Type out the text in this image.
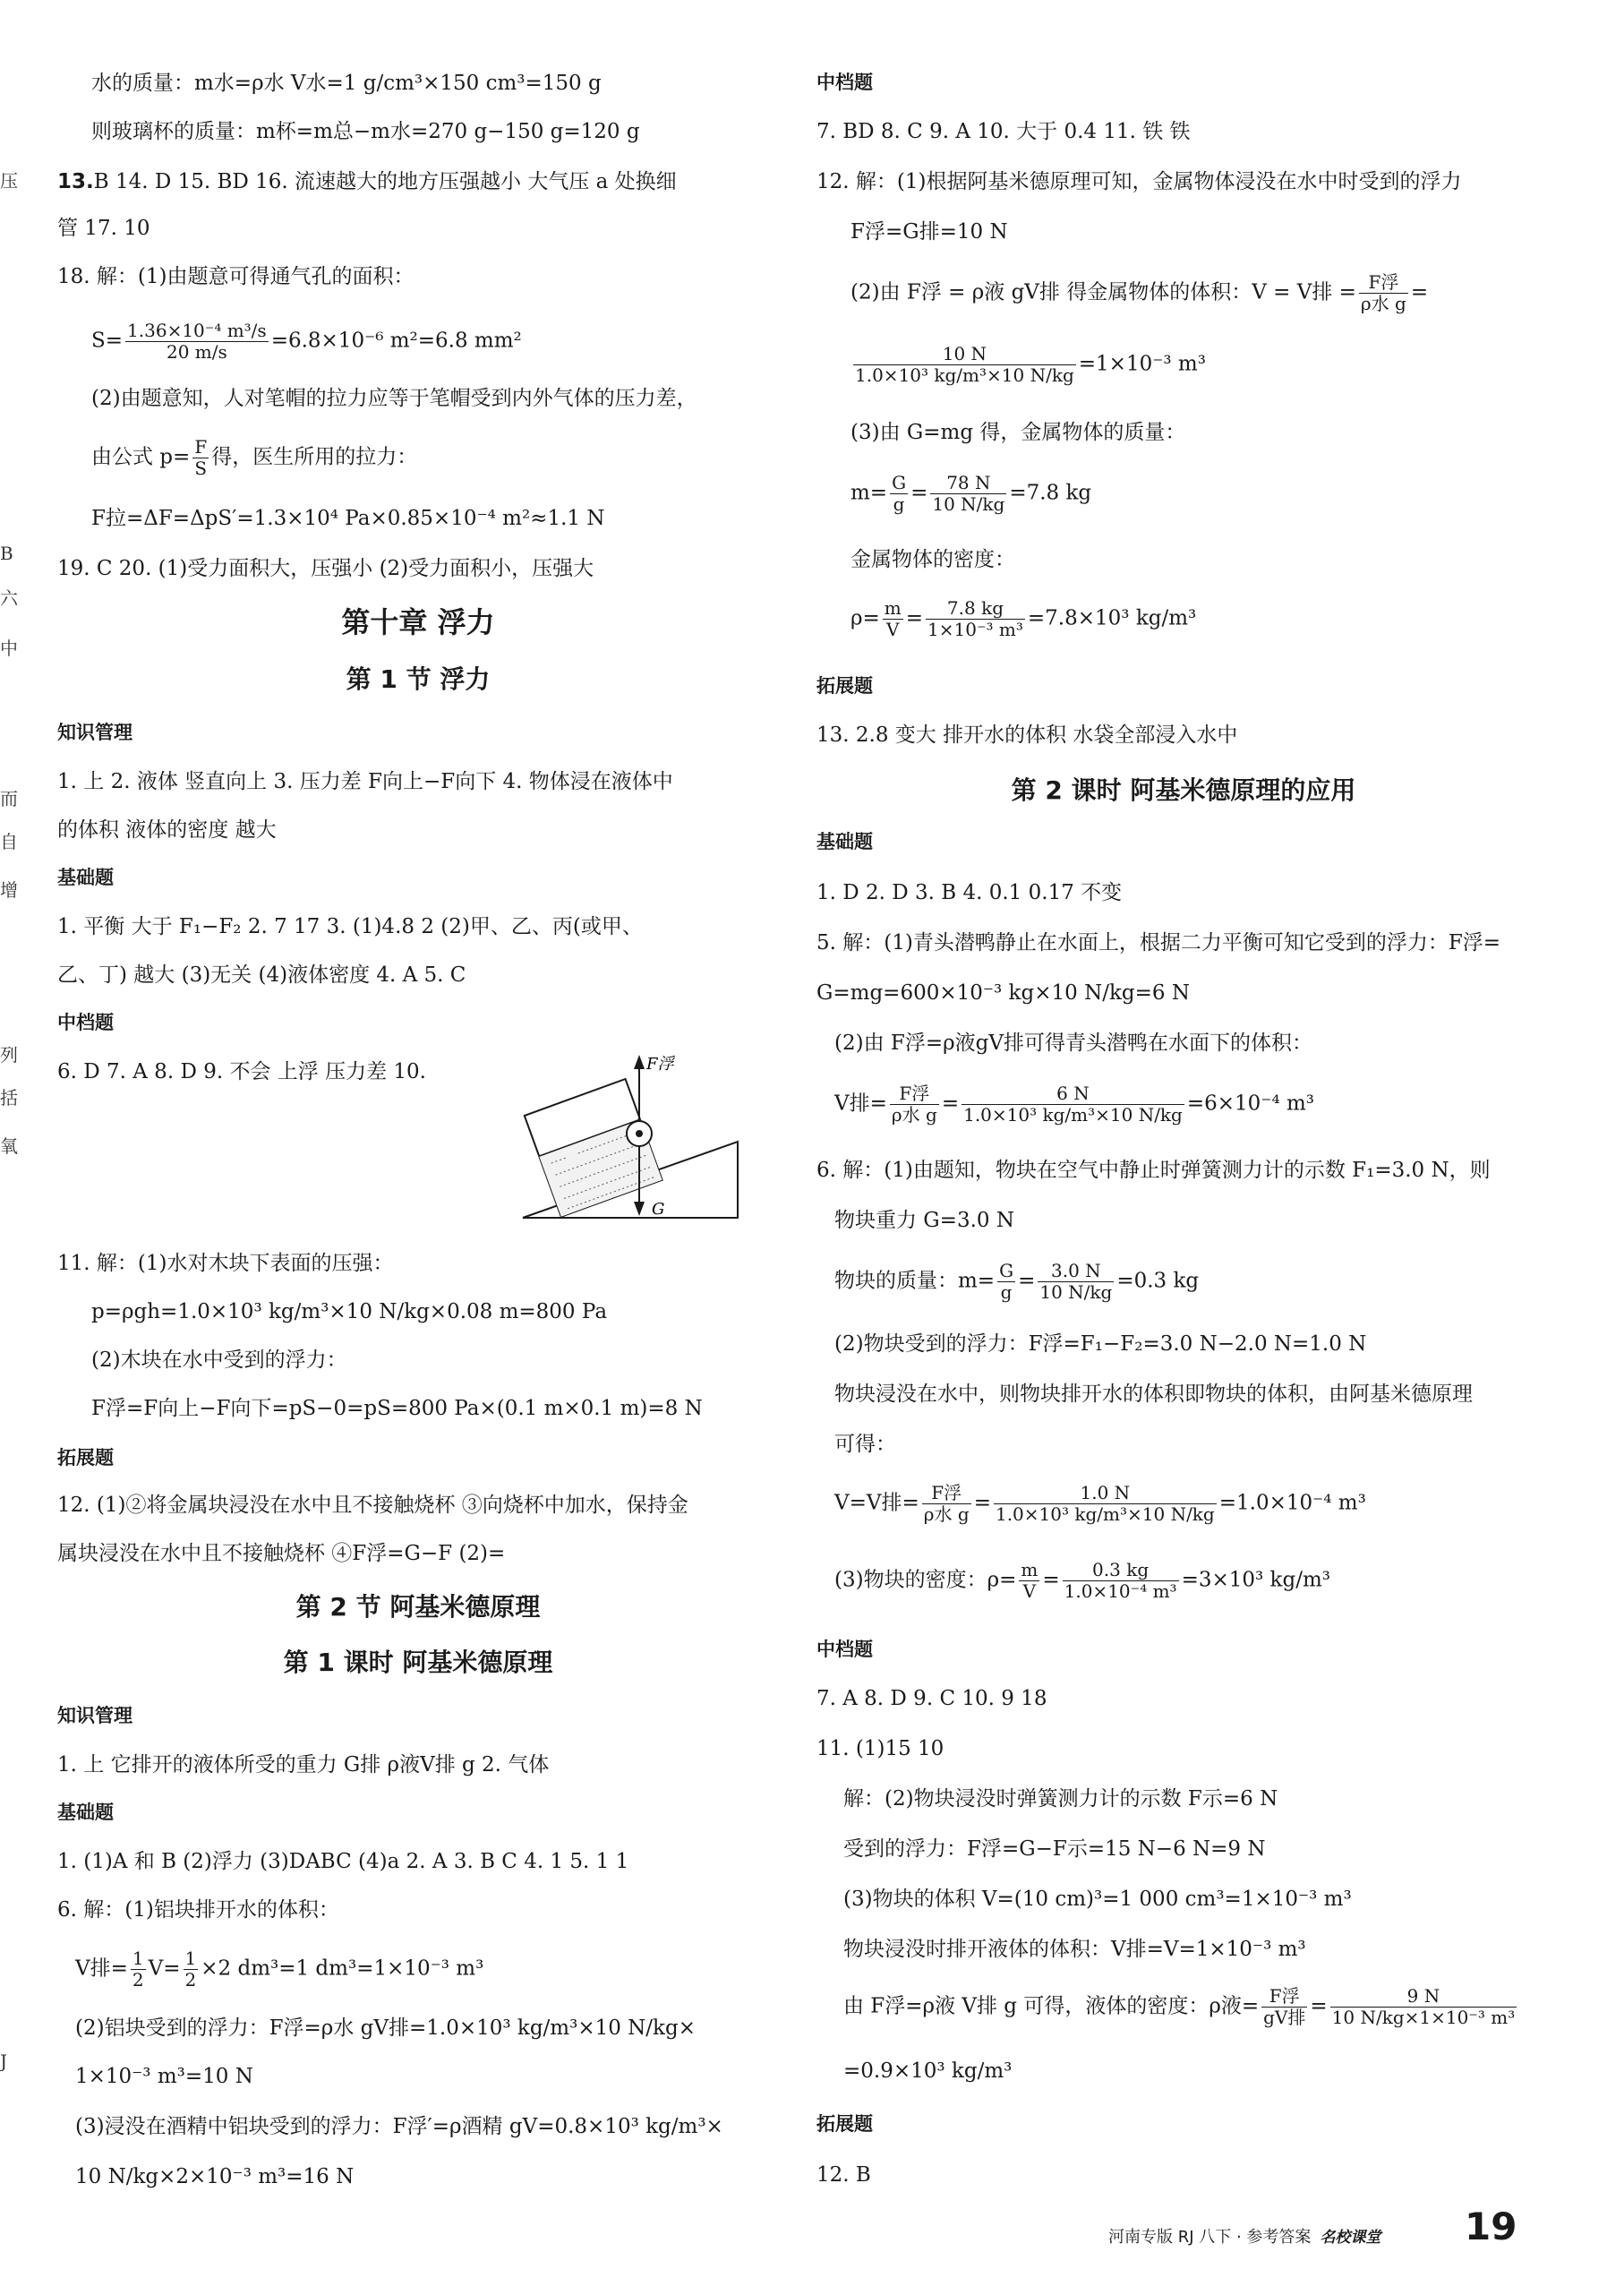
压
B
六
中
而
自
增
列
括
氧
J
水的质量：m水=ρ水 V水=1 g/cm³×150 cm³=150 g
则玻璃杯的质量：m杯=m总−m水=270 g−150 g=120 g
13.B 14. D 15. BD 16. 流速越大的地方压强越小 大气压 a 处换细
管 17. 10
18. 解：(1)由题意可得通气孔的面积：
$S= \frac{\text{1.36×10⁻⁴ m³/s}}{20 m/s} =6.8\times 10^{-6}$ m²=6.8 mm²
(2)由题意知，人对笔帽的拉力应等于笔帽受到内外气体的压力差，
由公式 $p= \frac{F}{S}$ 得，医生所用的拉力：
F拉=ΔF=ΔpS′=1.3×10⁴ Pa×0.85×10⁻⁴ m²≈1.1 N
19. C 20. (1)受力面积大，压强小 (2)受力面积小，压强大
第十章 浮力
第 1 节 浮力
知识管理
1. 上 2. 液体 竖直向上 3. 压力差 F向上−F向下 4. 物体浸在液体中
的体积 液体的密度 越大
基础题
1. 平衡 大于 F₁−F₂ 2. 7 17 3. (1)4.8 2 (2)甲、乙、丙(或甲、
乙、丁) 越大 (3)无关 (4)液体密度 4. A 5. C
中档题
6. D 7. A 8. D 9. 不会 上浮 压力差 10.	F浮
G
11. 解：(1)水对木块下表面的压强：
p=ρgh=1.0×10³ kg/m³×10 N/kg×0.08 m=800 Pa
(2)木块在水中受到的浮力：
F浮=F向上−F向下=pS−0=pS=800 Pa×(0.1 m×0.1 m)=8 N
拓展题
12. (1)②将金属块浸没在水中且不接触烧杯 ③向烧杯中加水，保持金
属块浸没在水中且不接触烧杯 ④F浮=G−F (2)=
第 2 节 阿基米德原理
第 1 课时 阿基米德原理
知识管理
1. 上 它排开的液体所受的重力 G排 ρ液V排 g 2. 气体
基础题
1. (1)A 和 B (2)浮力 (3)DABC (4)a 2. A 3. B C 4. 1 5. 1 1
6. 解：(1)铝块排开水的体积：
V排= $\frac{1}{2} V= \frac{1}{2} \times 2$ dm³=1 dm³=1×10⁻³ m³
(2)铝块受到的浮力：F浮=ρ水 gV排=1.0×10³ kg/m³×10 N/kg×
1×10⁻³ m³=10 N
(3)浸没在酒精中铝块受到的浮力：F浮′=ρ酒精 gV=0.8×10³ kg/m³×
10 N/kg×2×10⁻³ m³=16 N
中档题
7. BD 8. C 9. A 10. 大于 0.4 11. 铁 铁
12. 解：(1)根据阿基米德原理可知，金属物体浸没在水中时受到的浮力
F浮=G排=10 N
(2)由 F浮 = ρ液 gV排 得金属物体的体积：V = V排 = $\frac{\text{F浮}}{\text{ρ水 g}}$ =
$\frac{10 N}{\text{1.0×10³ kg/m³×10 N/kg}} =1\times 10^{-3}$ m³
(3)由 G=mg 得，金属物体的质量：
$m= \frac{G}{g} = \frac{78 N}{10 N/kg} =7.8$ kg
金属物体的密度：
$\rho= \frac{m}{V} = \frac{7.8 kg}{\text{1×10⁻³ m³}} =7.8\times 10^3$ kg/m³
拓展题
13. 2.8 变大 排开水的体积 水袋全部浸入水中
第 2 课时 阿基米德原理的应用
基础题
1. D 2. D 3. B 4. 0.1 0.17 不变
5. 解：(1)青头潜鸭静止在水面上，根据二力平衡可知它受到的浮力：F浮=
G=mg=600×10⁻³ kg×10 N/kg=6 N
(2)由 F浮=ρ液gV排可得青头潜鸭在水面下的体积：
V排= $\frac{\text{F浮}}{\text{ρ水 g}} = \frac{6 N}{\text{1.0×10³ kg/m³×10 N/kg}} =6\times 10^{-4}$ m³
6. 解：(1)由题知，物块在空气中静止时弹簧测力计的示数 F₁=3.0 N，则
物块重力 G=3.0 N
物块的质量：$m= \frac{G}{g} = \frac{3.0 N}{10 N/kg} =0.3$ kg
(2)物块受到的浮力：F浮=F₁−F₂=3.0 N−2.0 N=1.0 N
物块浸没在水中，则物块排开水的体积即物块的体积，由阿基米德原理
可得：
V=V排= $\frac{\text{F浮}}{\text{ρ水 g}} = \frac{1.0 N}{\text{1.0×10³ kg/m³×10 N/kg}} =1.0\times 10^{-4}$ m³
(3)物块的密度：$\rho= \frac{m}{V} = \frac{0.3 kg}{\text{1.0×10⁻⁴ m³}} =3\times 10^3$ kg/m³
中档题
7. A 8. D 9. C 10. 9 18
11. (1)15 10
解：(2)物块浸没时弹簧测力计的示数 F示=6 N
受到的浮力：F浮=G−F示=15 N−6 N=9 N
(3)物块的体积 V=(10 cm)³=1 000 cm³=1×10⁻³ m³
物块浸没时排开液体的体积：V排=V=1×10⁻³ m³
由 F浮=ρ液 V排 g 可得，液体的密度：ρ液= $\frac{\text{F浮}}{\text{gV排}} = \frac{9 N}{\text{10 N/kg×1×10⁻³ m³}}$
=0.9×10³ kg/m³
拓展题
12. B
河南专版 RJ 八下 · 参考答案 名校课堂 19
